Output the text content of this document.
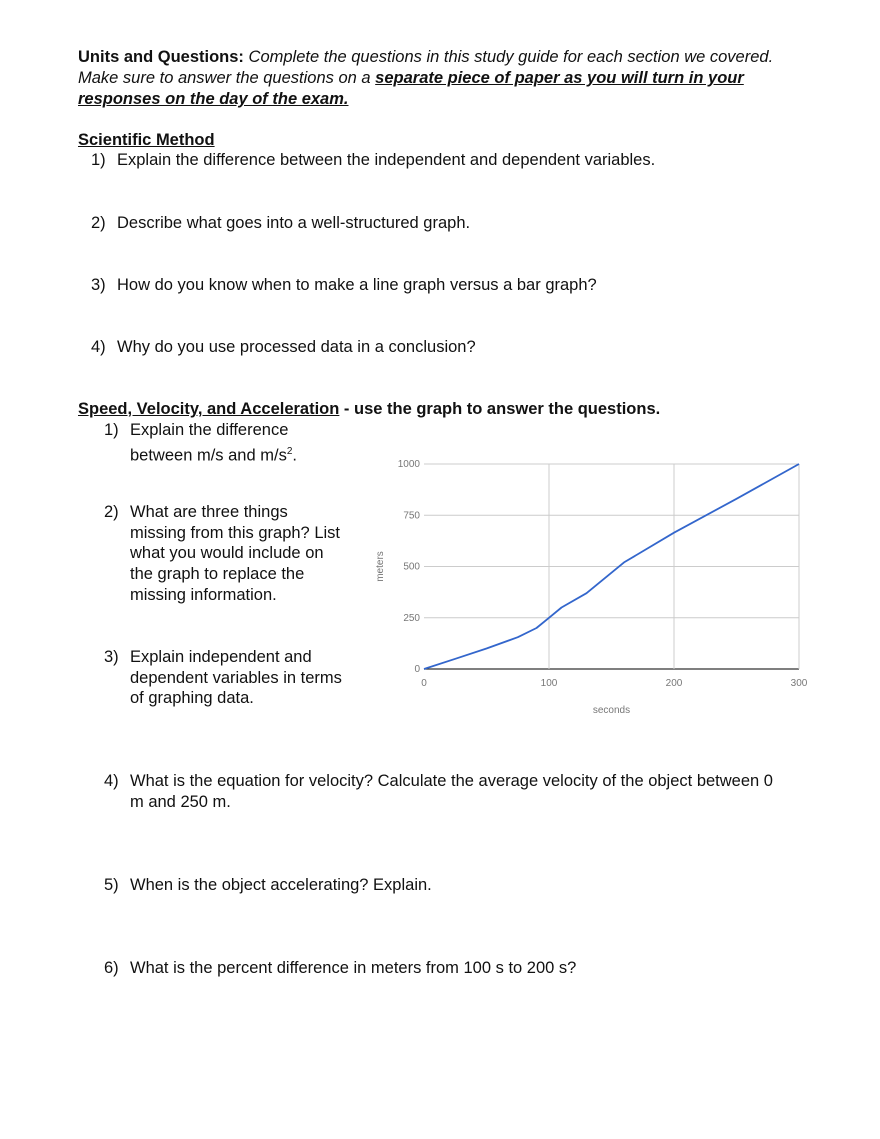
Units and Questions: Complete the questions in this study guide for each section we covered.
Make sure to answer the questions on a separate piece of paper as you will turn in your
responses on the day of the exam.
Scientific Method
1) Explain the difference between the independent and dependent variables.
2) Describe what goes into a well-structured graph.
3) How do you know when to make a line graph versus a bar graph?
4) Why do you use processed data in a conclusion?
Speed, Velocity, and Acceleration - use the graph to answer the questions.
1) Explain the difference
between m/s and $m/s^2$.
2) What are three things
missing from this graph? List
what you would include on
the graph to replace the
missing information.
3) Explain independent and
dependent variables in terms
of graphing data.
4) What is the equation for velocity? Calculate the average velocity of the object between 0
m and 250 m.
5) When is the object accelerating? Explain.
6) What is the percent difference in meters from 100 s to 200 s?
0
250
500
750
1000
0	100	200	300
seconds
meters
